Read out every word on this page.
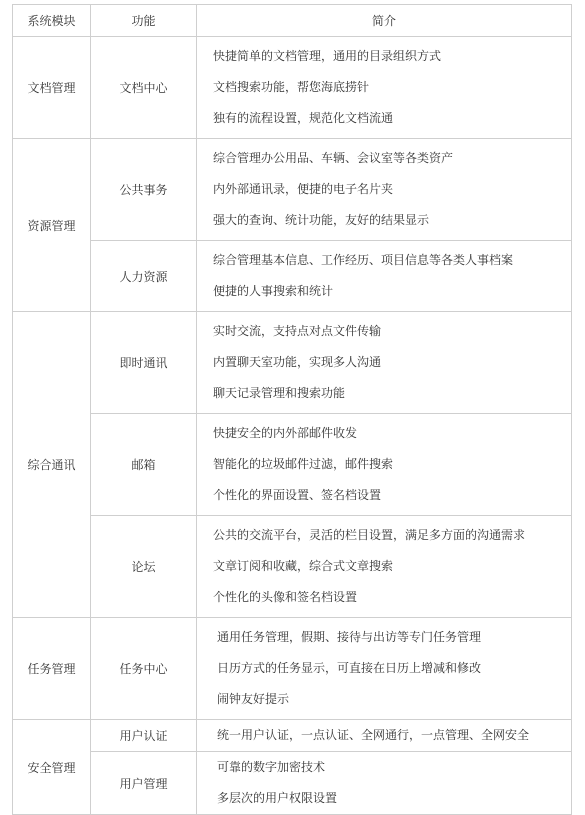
系统模块	功能	简介
文档管理	文档中心	快捷简单的文档管理，通用的目录组织方式
文档搜索功能，帮您海底捞针
独有的流程设置，规范化文档流通

资源管理	公共事务	综合管理办公用品、车辆、会议室等各类资产
内外部通讯录，便捷的电子名片夹
强大的查询、统计功能，友好的结果显示

	人力资源	综合管理基本信息、工作经历、项目信息等各类人事档案
便捷的人事搜索和统计

综合通讯	即时通讯	实时交流，支持点对点文件传输
内置聊天室功能，实现多人沟通
聊天记录管理和搜索功能

	邮箱	快捷安全的内外部邮件收发
智能化的垃圾邮件过滤，邮件搜索
个性化的界面设置、签名档设置

	论坛	公共的交流平台，灵活的栏目设置，满足多方面的沟通需求
文章订阅和收藏，综合式文章搜索
个性化的头像和签名档设置

任务管理	任务中心	通用任务管理，假期、接待与出访等专门任务管理
日历方式的任务显示，可直接在日历上增减和修改
闹钟友好提示

安全管理	用户认证	统一用户认证，一点认证、全网通行，一点管理、全网安全

	用户管理	可靠的数字加密技术
多层次的用户权限设置
